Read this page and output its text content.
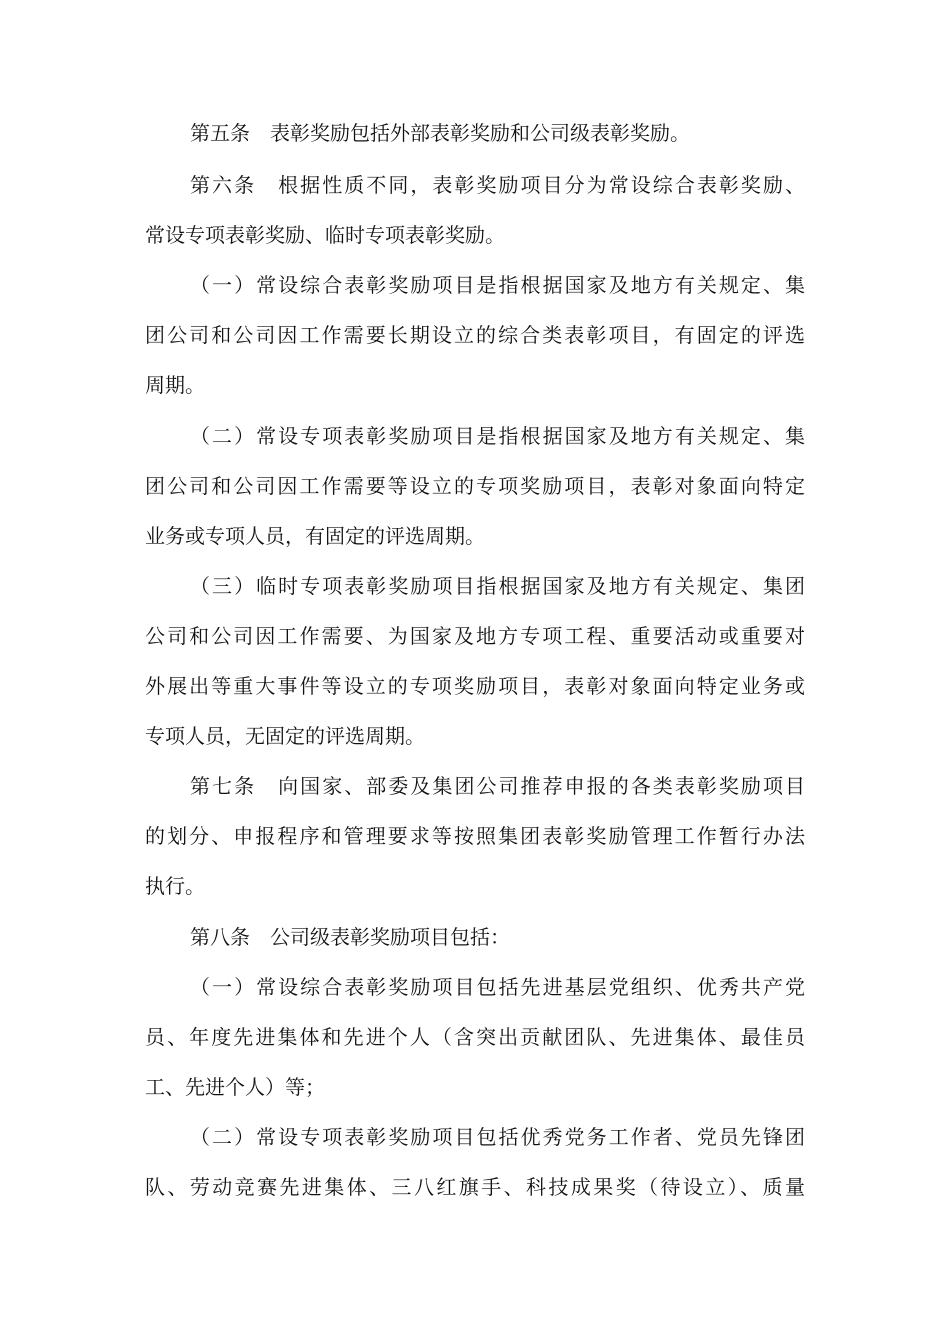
第五条　表彰奖励包括外部表彰奖励和公司级表彰奖励。
第六条　根据性质不同，表彰奖励项目分为常设综合表彰奖励、
常设专项表彰奖励、临时专项表彰奖励。
（一）常设综合表彰奖励项目是指根据国家及地方有关规定、集
团公司和公司因工作需要长期设立的综合类表彰项目，有固定的评选
周期。
（二）常设专项表彰奖励项目是指根据国家及地方有关规定、集
团公司和公司因工作需要等设立的专项奖励项目，表彰对象面向特定
业务或专项人员，有固定的评选周期。
（三）临时专项表彰奖励项目指根据国家及地方有关规定、集团
公司和公司因工作需要、为国家及地方专项工程、重要活动或重要对
外展出等重大事件等设立的专项奖励项目，表彰对象面向特定业务或
专项人员，无固定的评选周期。
第七条　向国家、部委及集团公司推荐申报的各类表彰奖励项目
的划分、申报程序和管理要求等按照集团表彰奖励管理工作暂行办法
执行。
第八条　公司级表彰奖励项目包括：
（一）常设综合表彰奖励项目包括先进基层党组织、优秀共产党
员、年度先进集体和先进个人（含突出贡献团队、先进集体、最佳员
工、先进个人）等；
（二）常设专项表彰奖励项目包括优秀党务工作者、党员先锋团
队、劳动竞赛先进集体、三八红旗手、科技成果奖（待设立）、质量
